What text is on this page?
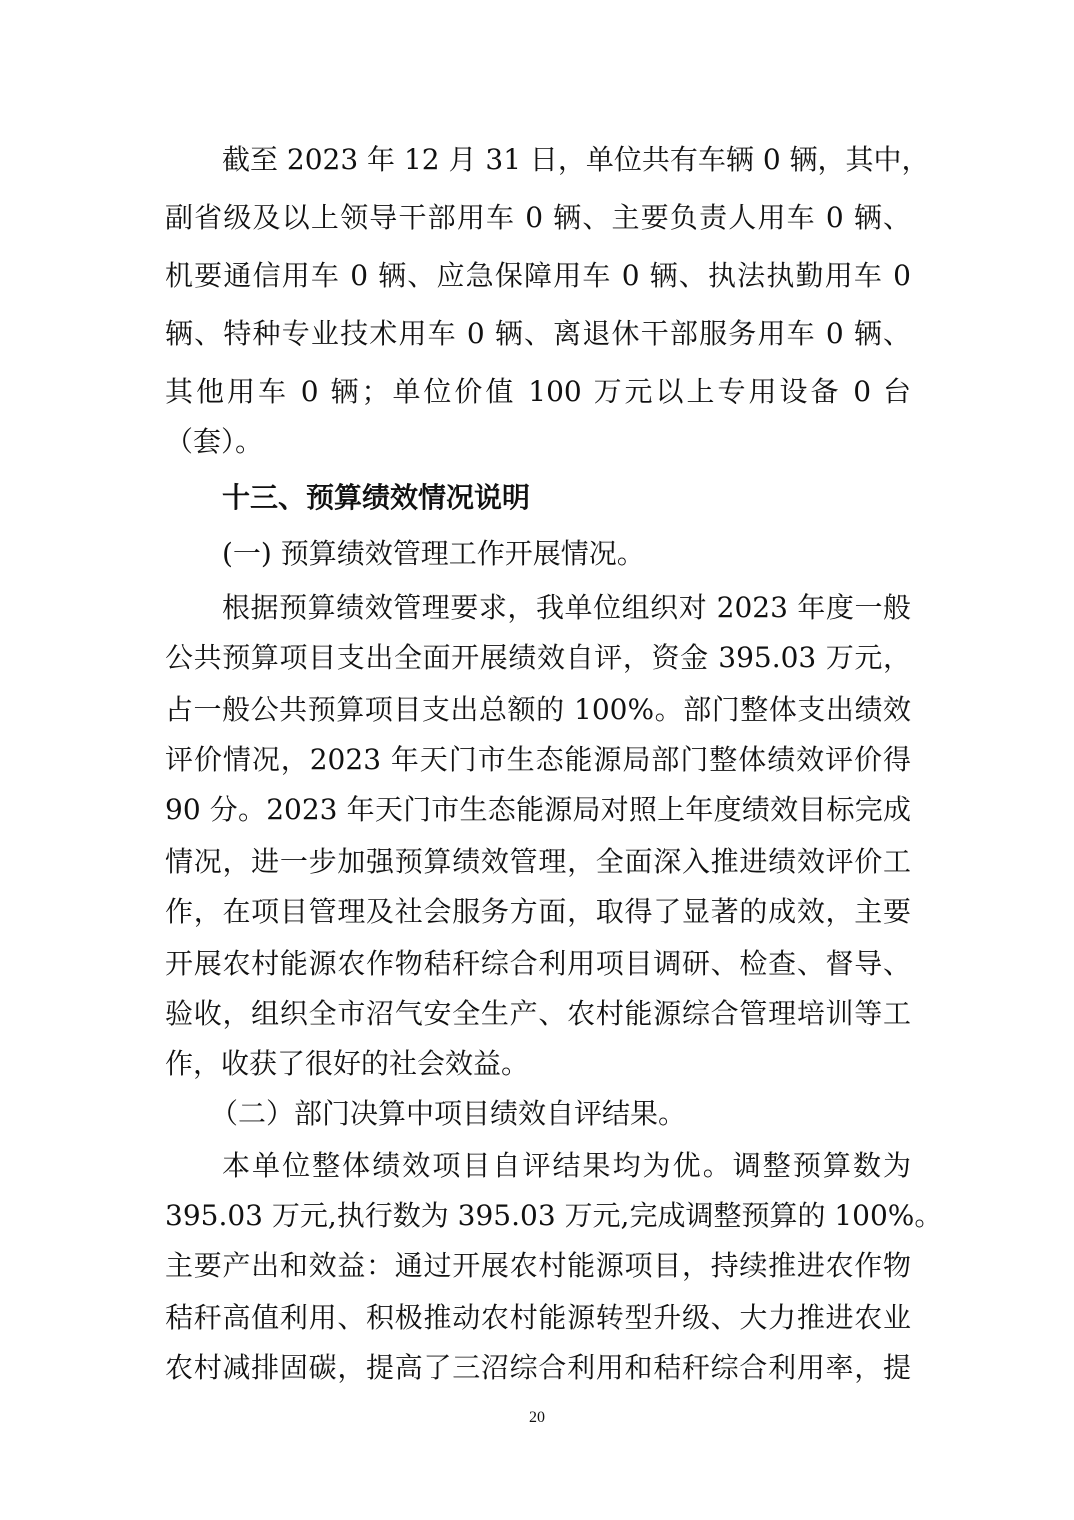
截至 2023 年 12 月 31 日，单位共有车辆 0 辆，其中，
副省级及以上领导干部用车 0 辆、主要负责人用车 0 辆、
机要通信用车 0 辆、应急保障用车 0 辆、执法执勤用车 0
辆、特种专业技术用车 0 辆、离退休干部服务用车 0 辆、
其他用车 0 辆；单位价值 100 万元以上专用设备 0 台
（套）。
十三、预算绩效情况说明
(一) 预算绩效管理工作开展情况。
根据预算绩效管理要求，我单位组织对 2023 年度一般
公共预算项目支出全面开展绩效自评，资金 395.03 万元，
占一般公共预算项目支出总额的 100%。部门整体支出绩效
评价情况，2023 年天门市生态能源局部门整体绩效评价得
90 分。2023 年天门市生态能源局对照上年度绩效目标完成
情况，进一步加强预算绩效管理，全面深入推进绩效评价工
作，在项目管理及社会服务方面，取得了显著的成效，主要
开展农村能源农作物秸秆综合利用项目调研、检查、督导、
验收，组织全市沼气安全生产、农村能源综合管理培训等工
作，收获了很好的社会效益。
（二）部门决算中项目绩效自评结果。
本单位整体绩效项目自评结果均为优。调整预算数为
395.03 万元,执行数为 395.03 万元,完成调整预算的 100%。
主要产出和效益：通过开展农村能源项目，持续推进农作物
秸秆高值利用、积极推动农村能源转型升级、大力推进农业
农村减排固碳，提高了三沼综合利用和秸秆综合利用率，提
20
